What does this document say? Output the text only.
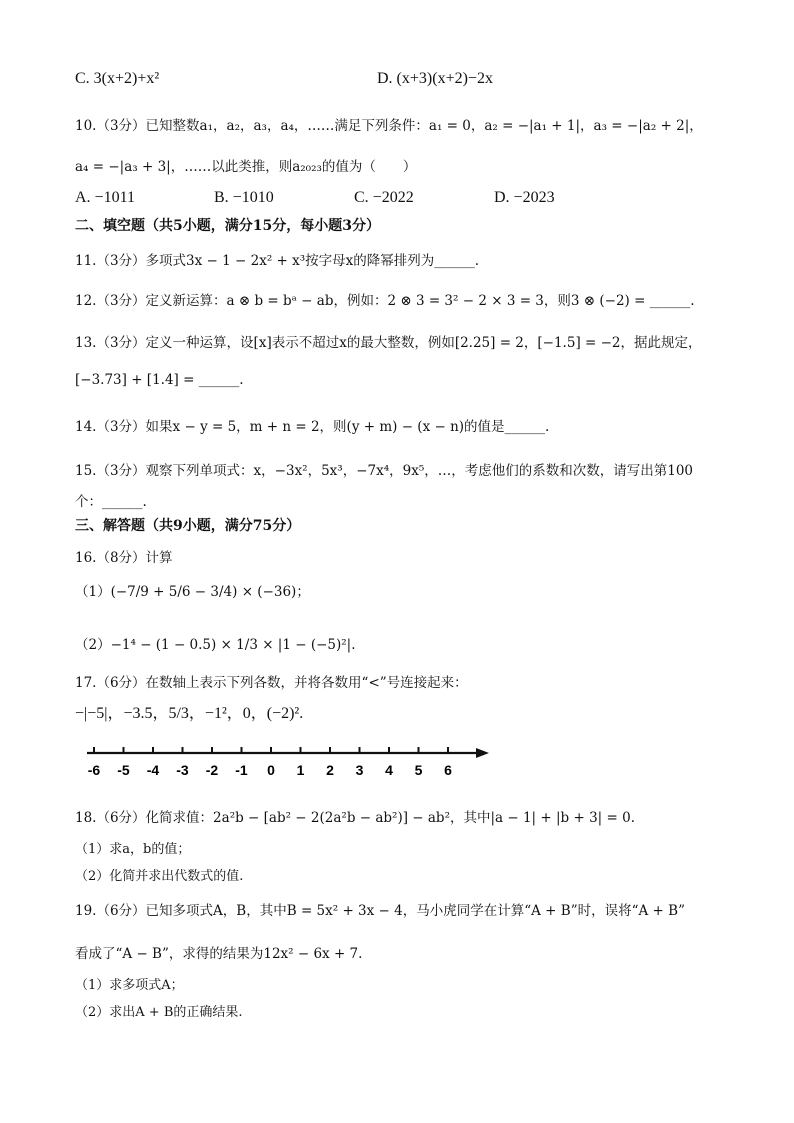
C. 3(x+2)+x²	D. (x+3)(x+2)−2x
10.（3分）已知整数a₁，a₂，a₃，a₄，……满足下列条件：a₁ = 0，a₂ = −|a₁ + 1|，a₃ = −|a₂ + 2|，
a₄ = −|a₃ + 3|，……以此类推，则a₂₀₂₃的值为（　　）
A. −1011	B. −1010	C. −2022	D. −2023
二、填空题（共5小题，满分15分，每小题3分）
11.（3分）多项式3x − 1 − 2x² + x³按字母x的降幂排列为______.
12.（3分）定义新运算：a ⊗ b = bᵃ − ab，例如：2 ⊗ 3 = 3² − 2 × 3 = 3，则3 ⊗ (−2) = ______.
13.（3分）定义一种运算，设[x]表示不超过x的最大整数，例如[2.25] = 2，[−1.5] = −2，据此规定，
[−3.73] + [1.4] = ______.
14.（3分）如果x − y = 5，m + n = 2，则(y + m) − (x − n)的值是______.
15.（3分）观察下列单项式：x，−3x²，5x³，−7x⁴，9x⁵，…，考虑他们的系数和次数，请写出第100
个：______.
三、解答题（共9小题，满分75分）
16.（8分）计算
（1）(−7/9 + 5/6 − 3/4) × (−36)；
（2）−1⁴ − (1 − 0.5) × 1/3 × |1 − (−5)²|.
17.（6分）在数轴上表示下列各数，并将各数用“<”号连接起来：
−|−5|，−3.5，5/3，−1²，0，(−2)².
-6 -5 -4 -3 -2 -1 0 1 2 3 4 5 6
18.（6分）化简求值：2a²b − [ab² − 2(2a²b − ab²)] − ab²，其中|a − 1| + |b + 3| = 0.
（1）求a，b的值；
（2）化简并求出代数式的值.
19.（6分）已知多项式A，B，其中B = 5x² + 3x − 4，马小虎同学在计算“A + B”时，误将“A + B”
看成了“A − B”，求得的结果为12x² − 6x + 7.
（1）求多项式A；
（2）求出A + B的正确结果.
